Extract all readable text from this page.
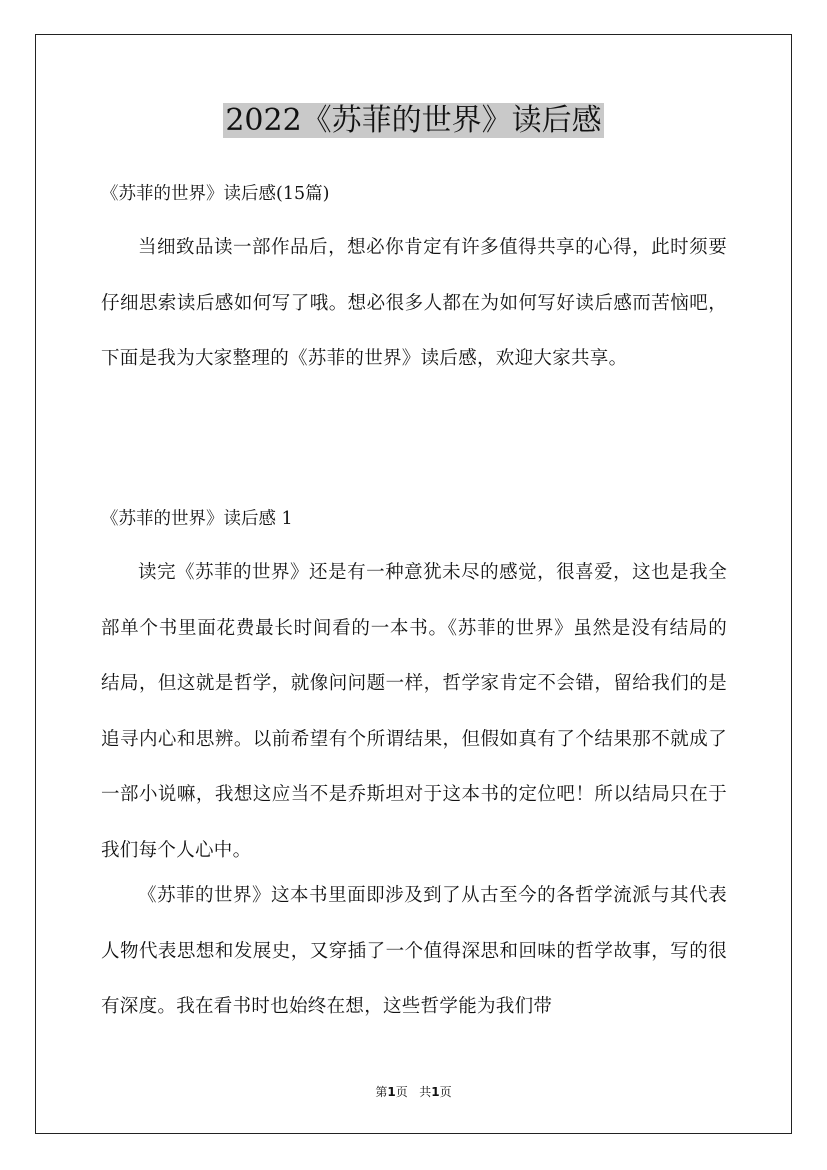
2022《苏菲的世界》读后感

《苏菲的世界》读后感(15篇)

当细致品读一部作品后，想必你肯定有许多值得共享的心得，此时须要仔细思索读后感如何写了哦。想必很多人都在为如何写好读后感而苦恼吧，下面是我为大家整理的《苏菲的世界》读后感，欢迎大家共享。

《苏菲的世界》读后感 1

读完《苏菲的世界》还是有一种意犹未尽的感觉，很喜爱，这也是我全部单个书里面花费最长时间看的一本书。《苏菲的世界》虽然是没有结局的结局，但这就是哲学，就像问问题一样，哲学家肯定不会错，留给我们的是追寻内心和思辨。以前希望有个所谓结果，但假如真有了个结果那不就成了一部小说嘛，我想这应当不是乔斯坦对于这本书的定位吧！所以结局只在于我们每个人心中。

《苏菲的世界》这本书里面即涉及到了从古至今的各哲学流派与其代表人物代表思想和发展史，又穿插了一个值得深思和回味的哲学故事，写的很有深度。我在看书时也始终在想，这些哲学能为我们带

第1页 共1页
